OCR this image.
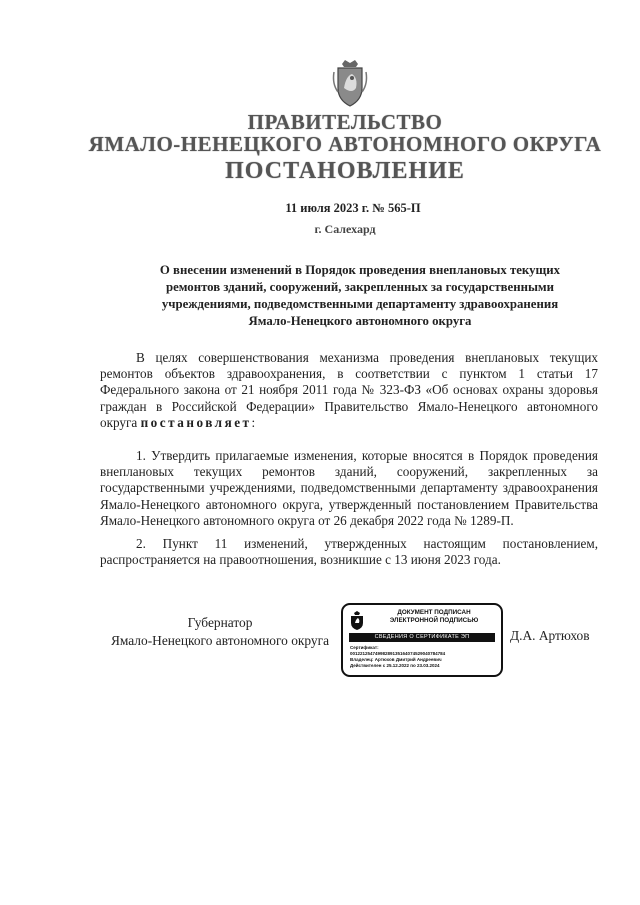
ПРАВИТЕЛЬСТВО
ЯМАЛО-НЕНЕЦКОГО АВТОНОМНОГО ОКРУГА
ПОСТАНОВЛЕНИЕ
11 июля 2023 г. № 565-П
г. Салехард
О внесении изменений в Порядок проведения внеплановых текущих
ремонтов зданий, сооружений, закрепленных за государственными
учреждениями, подведомственными департаменту здравоохранения
Ямало-Ненецкого автономного округа

В целях совершенствования механизма проведения внеплановых текущих ремонтов объектов здравоохранения, в соответствии с пунктом 1 статьи 17 Федерального закона от 21 ноября 2011 года № 323-ФЗ «Об основах охраны здоровья граждан в Российской Федерации» Правительство Ямало-Ненецкого автономного округа постановляет:

1. Утвердить прилагаемые изменения, которые вносятся в Порядок проведения внеплановых текущих ремонтов зданий, сооружений, закрепленных за государственными учреждениями, подведомственными департаменту здравоохранения Ямало-Ненецкого автономного округа, утвержденный постановлением Правительства Ямало-Ненецкого автономного округа от 26 декабря 2022 года № 1289-П.

2. Пункт 11 изменений, утвержденных настоящим постановлением, распространяется на правоотношения, возникшие с 13 июня 2023 года.

Губернатор
Ямало-Ненецкого автономного округа	Д.А. Артюхов
ДОКУМЕНТ ПОДПИСАН
ЭЛЕКТРОННОЙ ПОДПИСЬЮ
СВЕДЕНИЯ О СЕРТИФИКАТЕ ЭП
Сертификат:
00122125474998289135164074529040784784
Владелец: Артюхов Дмитрий Андреевич
Действителен с 25.12.2022 по 23.03.2024
